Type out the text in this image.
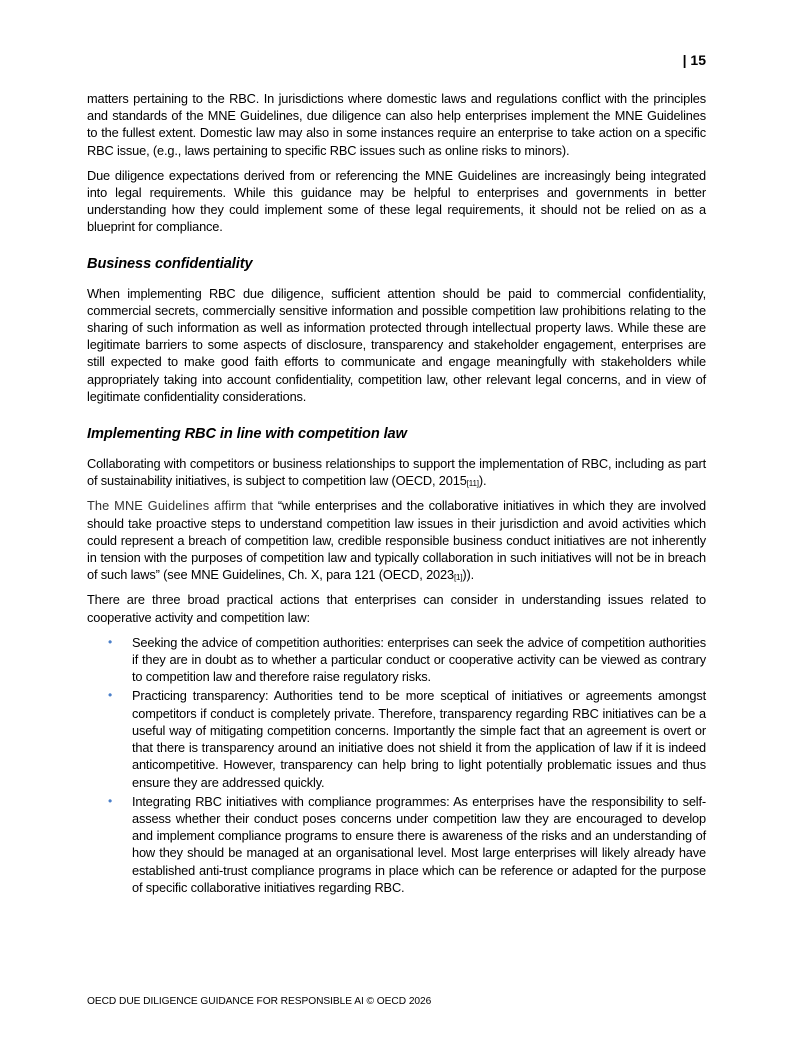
| 15

matters pertaining to the RBC. In jurisdictions where domestic laws and regulations conflict with the principles and standards of the MNE Guidelines, due diligence can also help enterprises implement the MNE Guidelines to the fullest extent. Domestic law may also in some instances require an enterprise to take action on a specific RBC issue, (e.g., laws pertaining to specific RBC issues such as online risks to minors).

Due diligence expectations derived from or referencing the MNE Guidelines are increasingly being integrated into legal requirements. While this guidance may be helpful to enterprises and governments in better understanding how they could implement some of these legal requirements, it should not be relied on as a blueprint for compliance.

Business confidentiality

When implementing RBC due diligence, sufficient attention should be paid to commercial confidentiality, commercial secrets, commercially sensitive information and possible competition law prohibitions relating to the sharing of such information as well as information protected through intellectual property laws. While these are legitimate barriers to some aspects of disclosure, transparency and stakeholder engagement, enterprises are still expected to make good faith efforts to communicate and engage meaningfully with stakeholders while appropriately taking into account confidentiality, competition law, other relevant legal concerns, and in view of legitimate confidentiality considerations.

Implementing RBC in line with competition law

Collaborating with competitors or business relationships to support the implementation of RBC, including as part of sustainability initiatives, is subject to competition law (OECD, $2015_{[11]}$).

The MNE Guidelines affirm that “while enterprises and the collaborative initiatives in which they are involved should take proactive steps to understand competition law issues in their jurisdiction and avoid activities which could represent a breach of competition law, credible responsible business conduct initiatives are not inherently in tension with the purposes of competition law and typically collaboration in such initiatives will not be in breach of such laws” (see MNE Guidelines, Ch. X, para 121 (OECD, $2023_{[1]}$)).

There are three broad practical actions that enterprises can consider in understanding issues related to cooperative activity and competition law:

• Seeking the advice of competition authorities: enterprises can seek the advice of competition authorities if they are in doubt as to whether a particular conduct or cooperative activity can be viewed as contrary to competition law and therefore raise regulatory risks.
• Practicing transparency: Authorities tend to be more sceptical of initiatives or agreements amongst competitors if conduct is completely private. Therefore, transparency regarding RBC initiatives can be a useful way of mitigating competition concerns. Importantly the simple fact that an agreement is overt or that there is transparency around an initiative does not shield it from the application of law if it is indeed anticompetitive. However, transparency can help bring to light potentially problematic issues and thus ensure they are addressed quickly.
• Integrating RBC initiatives with compliance programmes: As enterprises have the responsibility to self-assess whether their conduct poses concerns under competition law they are encouraged to develop and implement compliance programs to ensure there is awareness of the risks and an understanding of how they should be managed at an organisational level. Most large enterprises will likely already have established anti-trust compliance programs in place which can be reference or adapted for the purpose of specific collaborative initiatives regarding RBC.
OECD DUE DILIGENCE GUIDANCE FOR RESPONSIBLE AI © OECD 2026
